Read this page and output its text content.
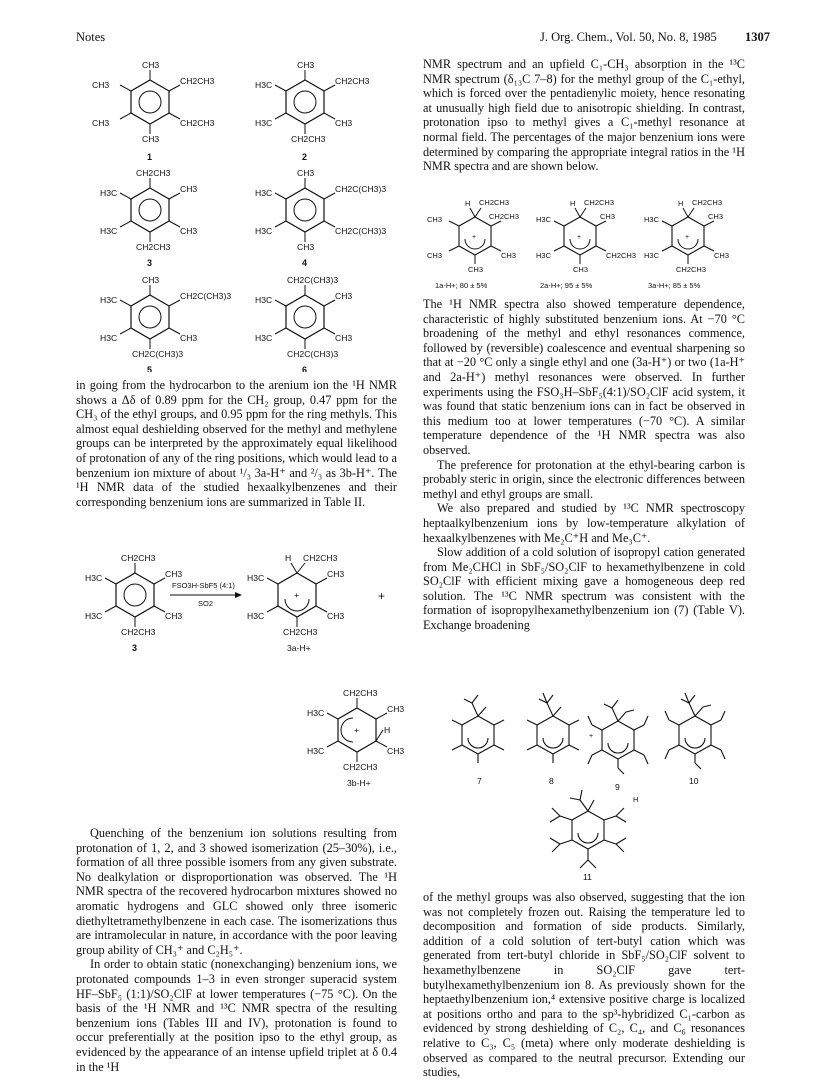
Notes	J. Org. Chem., Vol. 50, No. 8, 1985 1307
CH3
CH2CH3
CH3
CH2CH3
CH3
CH3
1
CH3
CH2CH3
H3C
CH3
H3C
CH2CH3
2
CH2CH3
CH3
H3C
CH3
H3C
CH2CH3
3
CH3
CH2C(CH3)3
H3C
CH2C(CH3)3
H3C
CH3
4
CH3
CH2C(CH3)3
H3C
CH3
H3C
CH2C(CH3)3
5
CH2C(CH3)3
CH3
H3C
CH3
H3C
CH2C(CH3)3
6

in going from the hydrocarbon to the arenium ion the ¹H NMR shows a Δδ of 0.89 ppm for the CH₂ group, 0.47 ppm for the CH₃ of the ethyl groups, and 0.95 ppm for the ring methyls. This almost equal deshielding observed for the methyl and methylene groups can be interpreted by the approximately equal likelihood of protonation of any of the ring positions, which would lead to a benzenium ion mixture of about ¹/₃ 3a-H⁺ and ²/₃ as 3b-H⁺. The ¹H NMR data of the studied hexaalkylbenzenes and their corresponding benzenium ions are summarized in Table II.

CH2CH3
CH3
H3C
CH3
H3C
CH2CH3
3
FSO3H-SbF5 (4:1)
SO2
+
H CH2CH3
CH3
H3C
CH3
H3C
CH2CH3
3a-H+
+
+
CH2CH3
CH3
H
H3C
CH3
H3C
CH2CH3
3b-H+

Quenching of the benzenium ion solutions resulting from protonation of 1, 2, and 3 showed isomerization (25–30%), i.e., formation of all three possible isomers from any given substrate. No dealkylation or disproportionation was observed. The ¹H NMR spectra of the recovered hydrocarbon mixtures showed no aromatic hydrogens and GLC showed only three isomeric diethyltetramethylbenzene in each case. The isomerizations thus are intramolecular in nature, in accordance with the poor leaving group ability of CH₃⁺ and C₂H₅⁺.

In order to obtain static (nonexchanging) benzenium ions, we protonated compounds 1–3 in even stronger superacid system HF–SbF₅ (1:1)/SO₂ClF at lower temperatures (−75 °C). On the basis of the ¹H NMR and ¹³C NMR spectra of the resulting benzenium ions (Tables III and IV), protonation is found to occur preferentially at the position ipso to the ethyl group, as evidenced by the appearance of an intense upfield triplet at δ 0.4 in the ¹H

NMR spectrum and an upfield C₁-CH₃ absorption in the ¹³C NMR spectrum (δ₁₃C 7–8) for the methyl group of the C₁-ethyl, which is forced over the pentadienylic moiety, hence resonating at unusually high field due to anisotropic shielding. In contrast, protonation ipso to methyl gives a C₁-methyl resonance at normal field. The percentages of the major benzenium ions were determined by comparing the appropriate integral ratios in the ¹H NMR spectra and are shown below.

+
H CH2CH3
CH2CH3
CH3
CH3
CH3
CH3
1a-H+; 80 ± 5%
+
H CH2CH3
CH3
H3C
CH2CH3
H3C
CH3
2a-H+; 95 ± 5%
+
H CH2CH3
CH3
H3C
CH3
H3C
CH2CH3
3a-H+; 85 ± 5%

The ¹H NMR spectra also showed temperature dependence, characteristic of highly substituted benzenium ions. At −70 °C broadening of the methyl and ethyl resonances commence, followed by (reversible) coalescence and eventual sharpening so that at −20 °C only a single ethyl and one (3a-H⁺) or two (1a-H⁺ and 2a-H⁺) methyl resonances were observed. In further experiments using the FSO₃H–SbF₅(4:1)/SO₂ClF acid system, it was found that static benzenium ions can in fact be observed in this medium too at lower temperatures (−70 °C). A similar temperature dependence of the ¹H NMR spectra was also observed.

The preference for protonation at the ethyl-bearing carbon is probably steric in origin, since the electronic differences between methyl and ethyl groups are small.

We also prepared and studied by ¹³C NMR spectroscopy heptaalkylbenzenium ions by low-temperature alkylation of hexaalkylbenzenes with Me₂C⁺H and Me₃C⁺.

Slow addition of a cold solution of isopropyl cation generated from Me₂CHCl in SbF₅/SO₂ClF to hexamethylbenzene in cold SO₂ClF with efficient mixing gave a homogeneous deep red solution. The ¹³C NMR spectrum was consistent with the formation of isopropylhexamethylbenzenium ion (7) (Table V). Exchange broadening

H
+
7	8
9
10
11

of the methyl groups was also observed, suggesting that the ion was not completely frozen out. Raising the temperature led to decomposition and formation of side products. Similarly, addition of a cold solution of tert-butyl cation which was generated from tert-butyl chloride in SbF₅/SO₂ClF solvent to hexamethylbenzene in SO₂ClF gave tert-butylhexamethylbenzenium ion 8. As previously shown for the heptaethylbenzenium ion,⁴ extensive positive charge is localized at positions ortho and para to the sp³-hybridized C₁-carbon as evidenced by strong deshielding of C₂, C₄, and C₆ resonances relative to C₃, C₅ (meta) where only moderate deshielding is observed as compared to the neutral precursor. Extending our studies,
